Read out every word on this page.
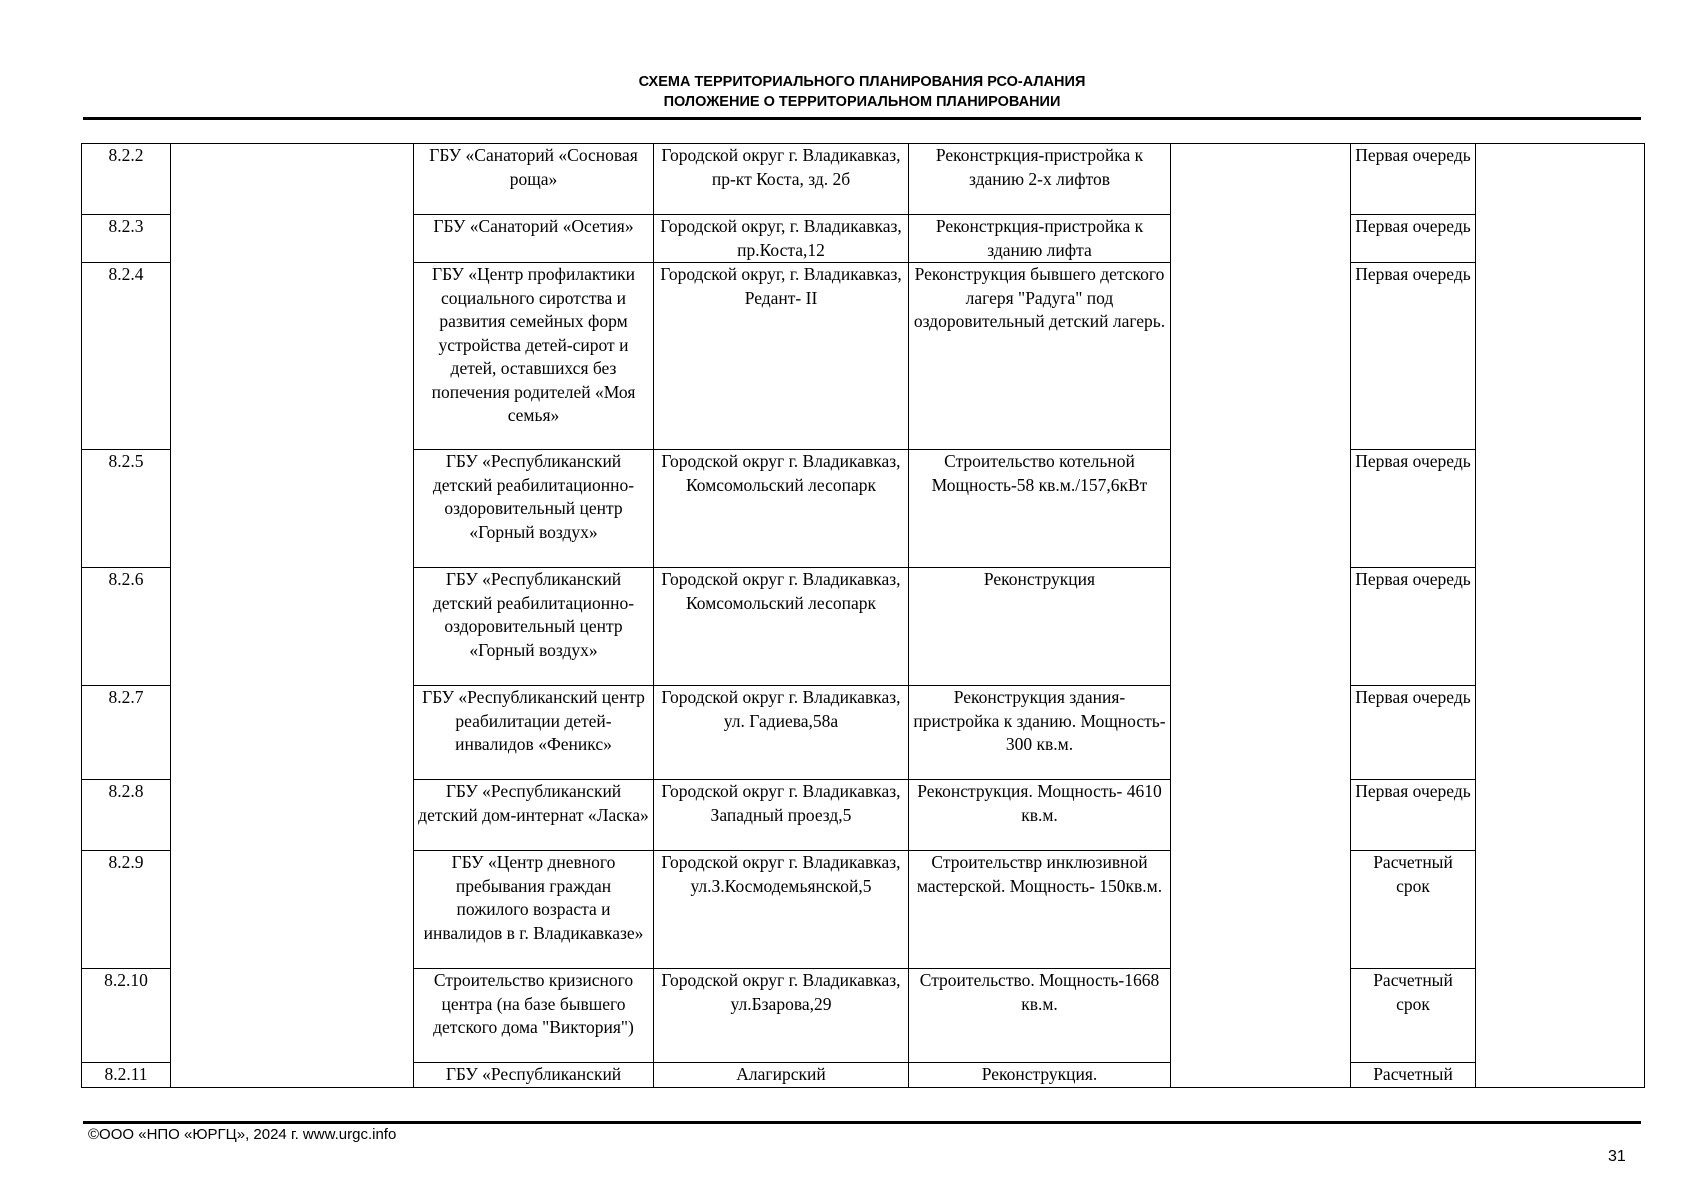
СХЕМА ТЕРРИТОРИАЛЬНОГО ПЛАНИРОВАНИЯ РСО-АЛАНИЯ
ПОЛОЖЕНИЕ О ТЕРРИТОРИАЛЬНОМ ПЛАНИРОВАНИИ
8.2.2		ГБУ «Санаторий «Сосновая роща»	Городской округ г. Владикавказ, пр-кт Коста, зд. 2б	Реконстркция-пристройка к зданию 2-х лифтов		Первая очередь	
8.2.3		ГБУ «Санаторий «Осетия»	Городской округ, г. Владикавказ, пр.Коста,12	Реконстркция-пристройка к зданию лифта		Первая очередь	
8.2.4		ГБУ «Центр профилактики социального сиротства и развития семейных форм устройства детей-сирот и детей, оставшихся без попечения родителей «Моя семья»	Городской округ, г. Владикавказ, Редант- II	Реконструкция бывшего детского лагеря "Радуга" под оздоровительный детский лагерь.		Первая очередь	
8.2.5		ГБУ «Республиканский детский реабилитационно-оздоровительный центр «Горный воздух»	Городской округ г. Владикавказ, Комсомольский лесопарк	Строительство котельной Мощность-58 кв.м./157,6кВт		Первая очередь	
8.2.6		ГБУ «Республиканский детский реабилитационно-оздоровительный центр «Горный воздух»	Городской округ г. Владикавказ, Комсомольский лесопарк	Реконструкция		Первая очередь	
8.2.7		ГБУ «Республиканский центр реабилитации детей-инвалидов «Феникс»	Городской округ г. Владикавказ, ул. Гадиева,58а	Реконструкция здания-пристройка к зданию. Мощность- 300 кв.м.		Первая очередь	
8.2.8		ГБУ «Республиканский детский дом-интернат «Ласка»	Городской округ г. Владикавказ, Западный проезд,5	Реконструкция. Мощность- 4610 кв.м.		Первая очередь	
8.2.9		ГБУ «Центр дневного пребывания граждан пожилого возраста и инвалидов в г. Владикавказе»	Городской округ г. Владикавказ, ул.З.Космодемьянской,5	Строительствр инклюзивной мастерской. Мощность- 150кв.м.		Расчетный срок	
8.2.10		Строительство кризисного центра (на базе бывшего детского дома "Виктория")	Городской округ г. Владикавказ, ул.Бзарова,29	Строительство. Мощность-1668 кв.м.		Расчетный срок	
8.2.11		ГБУ «Республиканский	Алагирский	Реконструкция.		Расчетный	
©ООО «НПО «ЮРГЦ», 2024 г. www.urgc.info
31
